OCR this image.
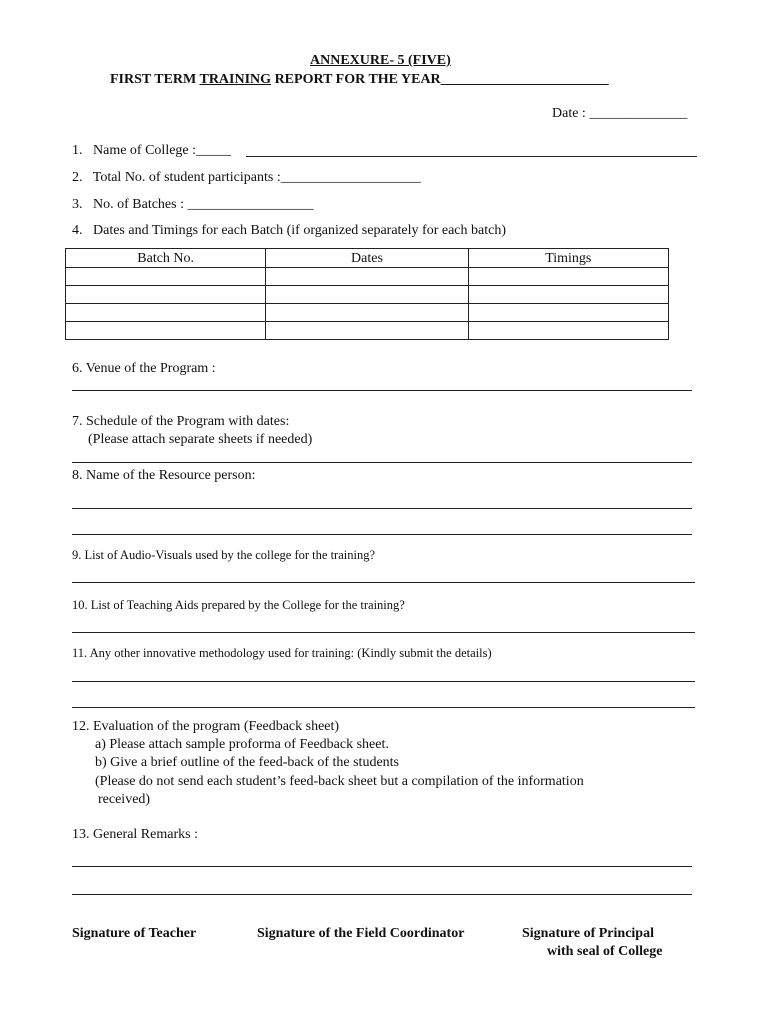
ANNEXURE- 5 (FIVE)
FIRST TERM TRAINING REPORT FOR THE YEAR________________________
Date : ______________
1. Name of College :_____
2. Total No. of student participants :____________________
3. No. of Batches : __________________
4. Dates and Timings for each Batch (if organized separately for each batch)
Batch No.	Dates	Timings

6. Venue of the Program :
7. Schedule of the Program with dates:
(Please attach separate sheets if needed)
8. Name of the Resource person:
9. List of Audio-Visuals used by the college for the training?
10. List of Teaching Aids prepared by the College for the training?
11. Any other innovative methodology used for training: (Kindly submit the details)
12. Evaluation of the program (Feedback sheet)
a) Please attach sample proforma of Feedback sheet.
b) Give a brief outline of the feed-back of the students
(Please do not send each student’s feed-back sheet but a compilation of the information
received)
13. General Remarks :
Signature of Teacher	Signature of the Field Coordinator	Signature of Principal
with seal of College
